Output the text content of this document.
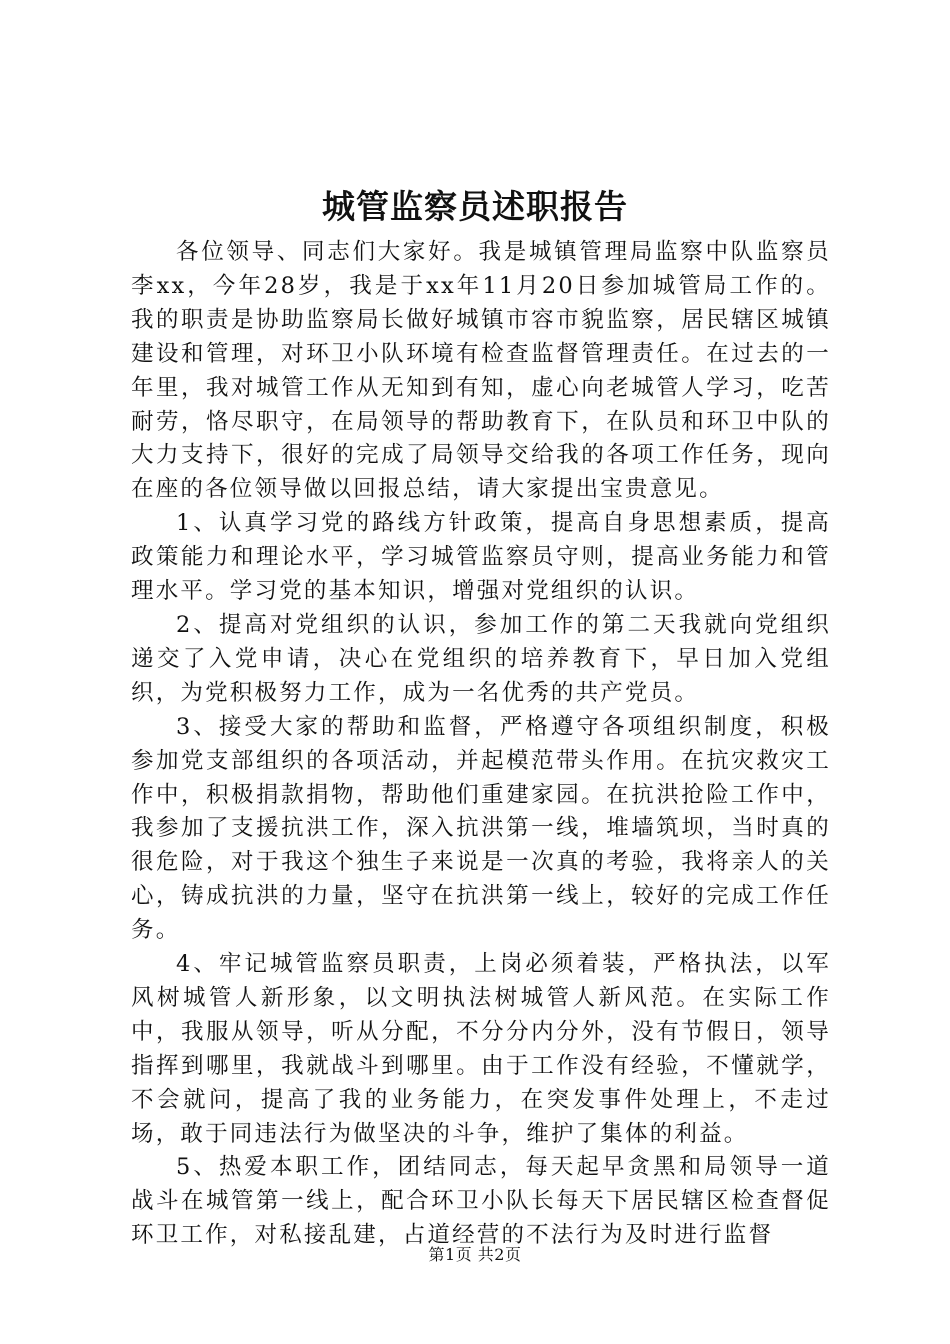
城管监察员述职报告

各位领导、同志们大家好。我是城镇管理局监察中队监察员李xx，今年28岁，我是于xx年11月20日参加城管局工作的。我的职责是协助监察局长做好城镇市容市貌监察，居民辖区城镇建设和管理，对环卫小队环境有检查监督管理责任。在过去的一年里，我对城管工作从无知到有知，虚心向老城管人学习，吃苦耐劳，恪尽职守，在局领导的帮助教育下，在队员和环卫中队的大力支持下，很好的完成了局领导交给我的各项工作任务，现向在座的各位领导做以回报总结，请大家提出宝贵意见。

1、认真学习党的路线方针政策，提高自身思想素质，提高政策能力和理论水平，学习城管监察员守则，提高业务能力和管理水平。学习党的基本知识，增强对党组织的认识。

2、提高对党组织的认识，参加工作的第二天我就向党组织递交了入党申请，决心在党组织的培养教育下，早日加入党组织，为党积极努力工作，成为一名优秀的共产党员。

3、接受大家的帮助和监督，严格遵守各项组织制度，积极参加党支部组织的各项活动，并起模范带头作用。在抗灾救灾工作中，积极捐款捐物，帮助他们重建家园。在抗洪抢险工作中，我参加了支援抗洪工作，深入抗洪第一线，堆墙筑坝，当时真的很危险，对于我这个独生子来说是一次真的考验，我将亲人的关心，铸成抗洪的力量，坚守在抗洪第一线上，较好的完成工作任务。

4、牢记城管监察员职责，上岗必须着装，严格执法，以军风树城管人新形象，以文明执法树城管人新风范。在实际工作中，我服从领导，听从分配，不分分内分外，没有节假日，领导指挥到哪里，我就战斗到哪里。由于工作没有经验，不懂就学，不会就问，提高了我的业务能力，在突发事件处理上，不走过场，敢于同违法行为做坚决的斗争，维护了集体的利益。

5、热爱本职工作，团结同志，每天起早贪黑和局领导一道战斗在城管第一线上，配合环卫小队长每天下居民辖区检查督促环卫工作，对私接乱建，占道经营的不法行为及时进行监督

第1页 共2页
